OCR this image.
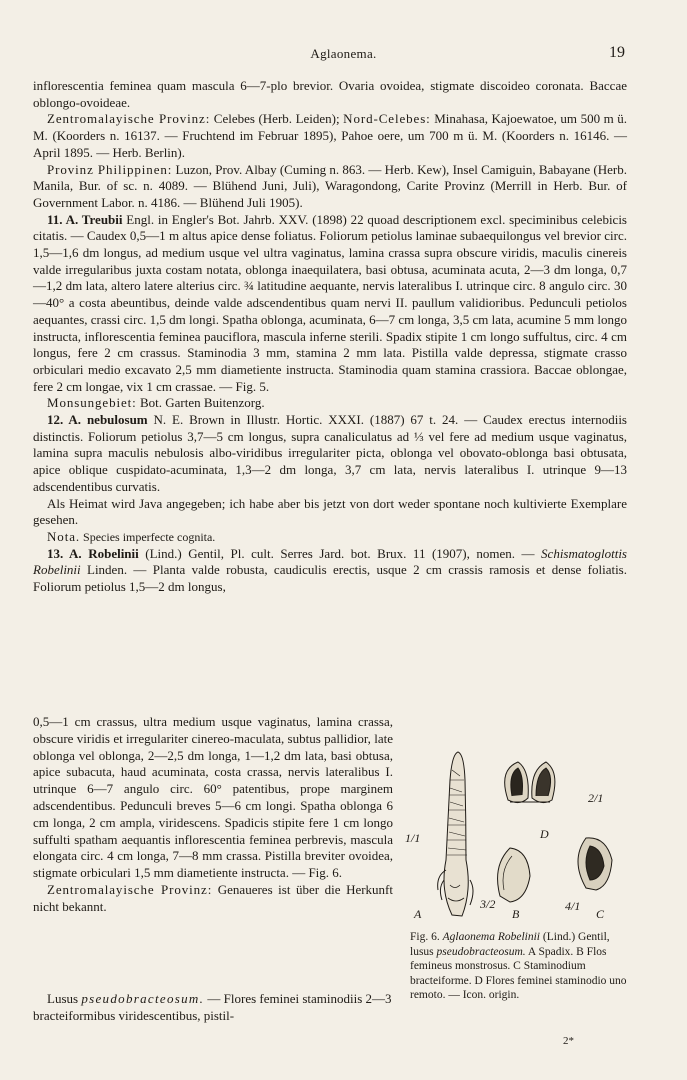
Aglaonema.	19

inflorescentia feminea quam mascula 6—7-plo brevior. Ovaria ovoidea, stigmate discoideo coronata. Baccae oblongo-ovoideae.

Zentromalayische Provinz: Celebes (Herb. Leiden); Nord-Celebes: Minahasa, Kajoewatoe, um 500 m ü. M. (Koorders n. 16137. — Fruchtend im Februar 1895), Pahoe oere, um 700 m ü. M. (Koorders n. 16146. — April 1895. — Herb. Berlin).

Provinz Philippinen: Luzon, Prov. Albay (Cuming n. 863. — Herb. Kew), Insel Camiguin, Babayane (Herb. Manila, Bur. of sc. n. 4089. — Blühend Juni, Juli), Waragondong, Carite Provinz (Merrill in Herb. Bur. of Government Labor. n. 4186. — Blühend Juli 1905).

11. A. Treubii Engl. in Engler's Bot. Jahrb. XXV. (1898) 22 quoad descriptionem excl. speciminibus celebicis citatis. — Caudex 0,5—1 m altus apice dense foliatus. Foliorum petiolus laminae subaequilongus vel brevior circ. 1,5—1,6 dm longus, ad medium usque vel ultra vaginatus, lamina crassa supra obscure viridis, maculis cinereis valde irregularibus juxta costam notata, oblonga inaequilatera, basi obtusa, acuminata acuta, 2—3 dm longa, 0,7—1,2 dm lata, altero latere alterius circ. ¾ latitudine aequante, nervis lateralibus I. utrinque circ. 8 angulo circ. 30—40° a costa abeuntibus, deinde valde adscendentibus quam nervi II. paullum validioribus. Pedunculi petiolos aequantes, crassi circ. 1,5 dm longi. Spatha oblonga, acuminata, 6—7 cm longa, 3,5 cm lata, acumine 5 mm longo instructa, inflorescentia feminea pauciflora, mascula inferne sterili. Spadix stipite 1 cm longo suffultus, circ. 4 cm longus, fere 2 cm crassus. Staminodia 3 mm, stamina 2 mm lata. Pistilla valde depressa, stigmate crasso orbiculari medio excavato 2,5 mm diametiente instructa. Staminodia quam stamina crassiora. Baccae oblongae, fere 2 cm longae, vix 1 cm crassae. — Fig. 5.

Monsungebiet: Bot. Garten Buitenzorg.

12. A. nebulosum N. E. Brown in Illustr. Hortic. XXXI. (1887) 67 t. 24. — Caudex erectus internodiis distinctis. Foliorum petiolus 3,7—5 cm longus, supra canaliculatus ad ⅓ vel fere ad medium usque vaginatus, lamina supra maculis nebulosis albo-viridibus irregulariter picta, oblonga vel obovato-oblonga basi obtusata, apice oblique cuspidato-acuminata, 1,3—2 dm longa, 3,7 cm lata, nervis lateralibus I. utrinque 9—13 adscendentibus curvatis.

Als Heimat wird Java angegeben; ich habe aber bis jetzt von dort weder spontane noch kultivierte Exemplare gesehen.

Nota. Species imperfecte cognita.

13. A. Robelinii (Lind.) Gentil, Pl. cult. Serres Jard. bot. Brux. 11 (1907), nomen. — Schismatoglottis Robelinii Linden. — Planta valde robusta, caudiculis erectis, usque 2 cm crassis ramosis et dense foliatis. Foliorum petiolus 1,5—2 dm longus,

0,5—1 cm crassus, ultra medium usque vaginatus, lamina crassa, obscure viridis et irregulariter cinereo-maculata, subtus pallidior, late oblonga vel oblonga, 2—2,5 dm longa, 1—1,2 dm lata, basi obtusa, apice subacuta, haud acuminata, costa crassa, nervis lateralibus I. utrinque 6—7 angulo circ. 60° patentibus, prope marginem adscendentibus. Pedunculi breves 5—6 cm longi. Spatha oblonga 6 cm longa, 2 cm ampla, viridescens. Spadicis stipite fere 1 cm longo suffulti spatham aequantis inflorescentia feminea perbrevis, mascula elongata circ. 4 cm longa, 7—8 mm crassa. Pistilla breviter ovoidea, stigmate orbiculari 1,5 mm diametiente instructa. — Fig. 6.

Zentromalayische Provinz: Genaueres ist über die Herkunft nicht bekannt.

Lusus pseudobracteosum. — Flores feminei staminodiis 2—3 bracteiformibus viridescentibus, pistil-

1/1
2/1
D
3/2	4/1
A	B	C

Fig. 6. Aglaonema Robelinii (Lind.) Gentil, lusus pseudobracteosum. A Spadix. B Flos femineus monstrosus. C Staminodium bracteiforme. D Flores feminei staminodio uno remoto. — Icon. origin.

2*
